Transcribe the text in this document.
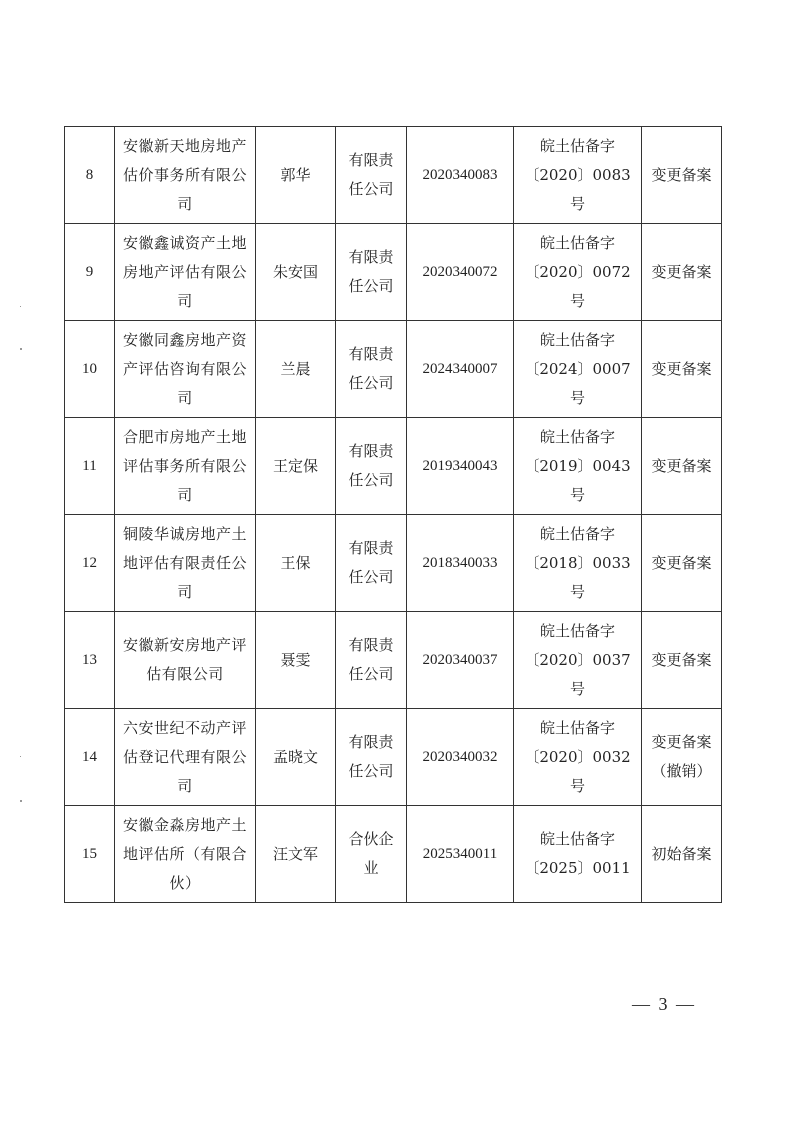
8	安徽新天地房地产
估价事务所有限公
司	郭华	有限责
任公司	2020340083	皖土估备字
〔2020〕0083 号	变更备案

9	安徽鑫诚资产土地
房地产评估有限公
司	朱安国	有限责
任公司	2020340072	皖土估备字
〔2020〕0072 号	变更备案

10	安徽同鑫房地产资
产评估咨询有限公
司	兰晨	有限责
任公司	2024340007	皖土估备字
〔2024〕0007 号	变更备案

11	合肥市房地产土地
评估事务所有限公
司	王定保	有限责
任公司	2019340043	皖土估备字
〔2019〕0043 号	变更备案

12	铜陵华诚房地产土
地评估有限责任公
司	王保	有限责
任公司	2018340033	皖土估备字
〔2018〕0033 号	变更备案

13	安徽新安房地产评
估有限公司	聂雯	有限责
任公司	2020340037	皖土估备字
〔2020〕0037 号	变更备案

14	六安世纪不动产评
估登记代理有限公
司	孟晓文	有限责
任公司	2020340032	皖土估备字
〔2020〕0032 号	变更备案
（撤销）

15	安徽金淼房地产土
地评估所（有限合
伙）	汪文军	合伙企
业	2025340011	皖土估备字
〔2025〕0011	初始备案
— 3 —
